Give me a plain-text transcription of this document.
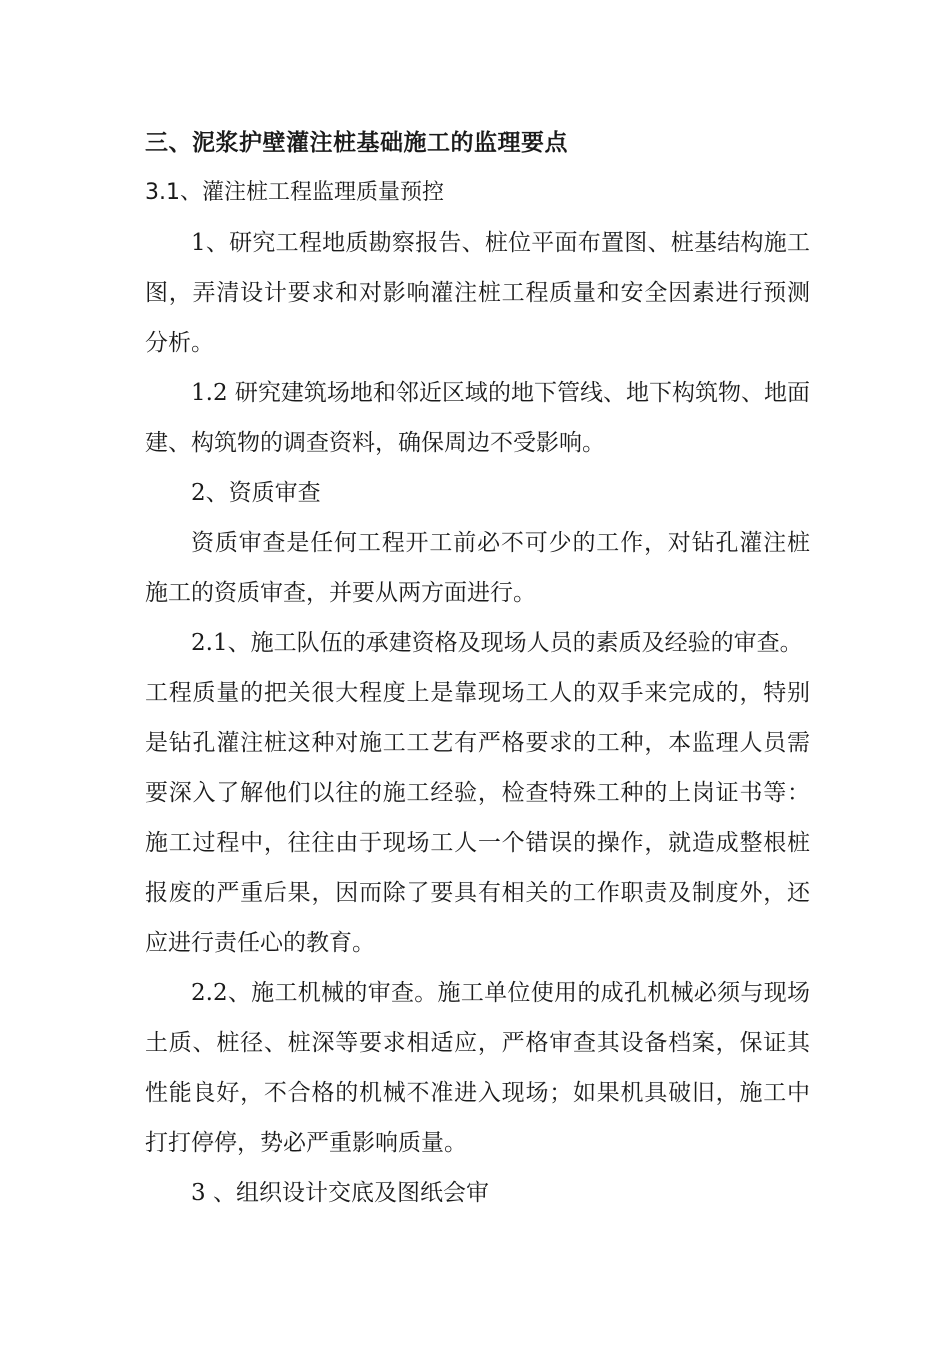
三、泥浆护壁灌注桩基础施工的监理要点
3.1、灌注桩工程监理质量预控

1、研究工程地质勘察报告、桩位平面布置图、桩基结构施工图，弄清设计要求和对影响灌注桩工程质量和安全因素进行预测分析。

1.2 研究建筑场地和邻近区域的地下管线、地下构筑物、地面建、构筑物的调查资料，确保周边不受影响。

2、资质审查

资质审查是任何工程开工前必不可少的工作，对钻孔灌注桩施工的资质审查，并要从两方面进行。

2.1、施工队伍的承建资格及现场人员的素质及经验的审查。

工程质量的把关很大程度上是靠现场工人的双手来完成的，特别是钻孔灌注桩这种对施工工艺有严格要求的工种，本监理人员需要深入了解他们以往的施工经验，检查特殊工种的上岗证书等：施工过程中，往往由于现场工人一个错误的操作，就造成整根桩报废的严重后果，因而除了要具有相关的工作职责及制度外，还应进行责任心的教育。

2.2、施工机械的审查。施工单位使用的成孔机械必须与现场土质、桩径、桩深等要求相适应，严格审查其设备档案，保证其性能良好，不合格的机械不准进入现场；如果机具破旧，施工中打打停停，势必严重影响质量。

3 、组织设计交底及图纸会审
